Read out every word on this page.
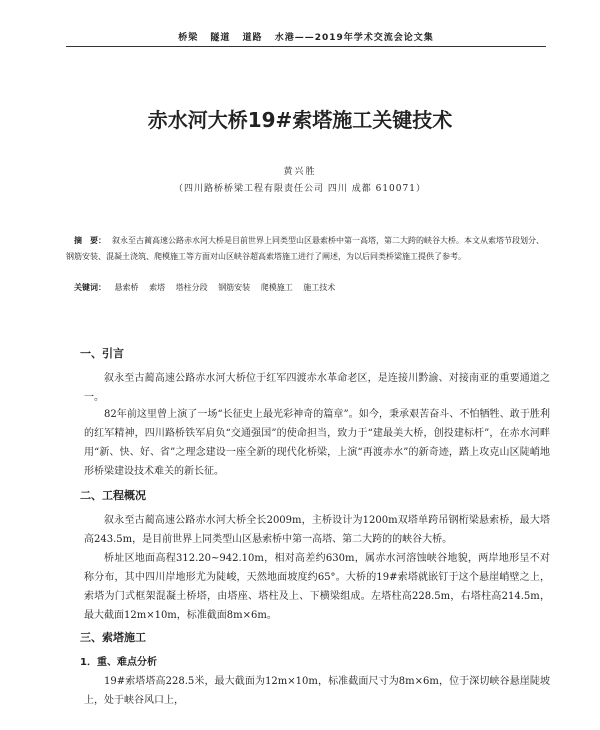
桥梁 隧道 道路 水港——2019年学术交流会论文集
赤水河大桥19#索塔施工关键技术
黄兴胜
（四川路桥桥梁工程有限责任公司 四川 成都 610071）
摘　要： 叙永至古蔺高速公路赤水河大桥是目前世界上同类型山区悬索桥中第一高塔，第二大跨的峡谷大桥。本文从索塔节段划分、钢筋安装、混凝土浇筑、爬模施工等方面对山区峡谷超高索塔施工进行了阐述，为以后同类桥梁施工提供了参考。
关键词： 悬索桥 索塔 塔柱分段 钢筋安装 爬模施工 施工技术
一、引言
叙永至古蔺高速公路赤水河大桥位于红军四渡赤水革命老区，是连接川黔渝、对接南亚的重要通道之一。
82年前这里曾上演了一场“长征史上最光彩神奇的篇章”。如今，秉承艰苦奋斗、不怕牺牲、敢于胜利的红军精神，四川路桥铁军肩负“交通强国”的使命担当，致力于“建最美大桥，创投建标杆”，在赤水河畔用“新、快、好、省”之理念建设一座全新的现代化桥梁，上演“再渡赤水”的新奇迹，踏上攻克山区陡峭地形桥梁建设技术难关的新长征。
二、工程概况
叙永至古蔺高速公路赤水河大桥全长2009m，主桥设计为1200m双塔单跨吊钢桁梁悬索桥，最大塔高243.5m，是目前世界上同类型山区悬索桥中第一高塔、第二大跨的的峡谷大桥。
桥址区地面高程312.20~942.10m，相对高差约630m，属赤水河溶蚀峡谷地貌，两岸地形呈不对称分布，其中四川岸地形尤为陡峻，天然地面坡度约65°。大桥的19#索塔就嵌钉于这个悬崖峭壁之上，索塔为门式框架混凝土桥塔，由塔座、塔柱及上、下横梁组成。左塔柱高228.5m，右塔柱高214.5m，最大截面12m×10m，标准截面8m×6m。
三、索塔施工
1．重、难点分析
19#索塔塔高228.5米，最大截面为12m×10m，标准截面尺寸为8m×6m，位于深切峡谷悬崖陡坡上，处于峡谷风口上，
